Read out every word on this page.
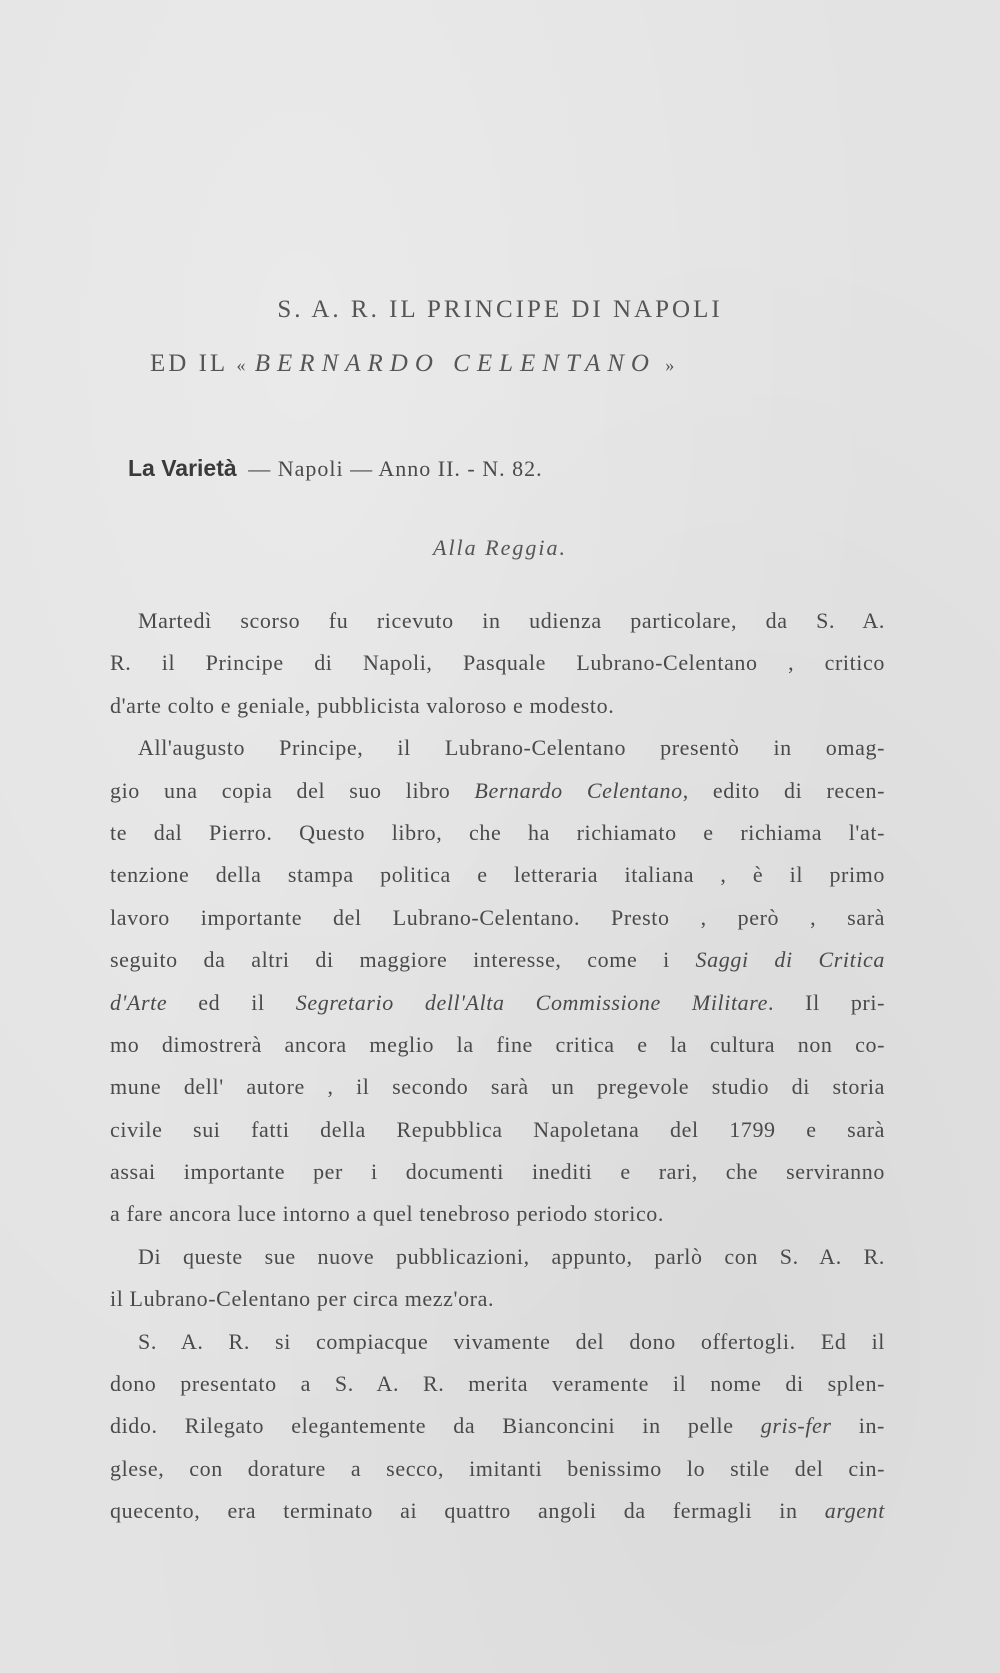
S. A. R. IL PRINCIPE DI NAPOLI
ED IL « BERNARDO CELENTANO »
La Varietà — Napoli — Anno II. - N. 82.
Alla Reggia.
Martedì scorso fu ricevuto in udienza particolare, da S. A.
R. il Principe di Napoli, Pasquale Lubrano-Celentano , critico
d'arte colto e geniale, pubblicista valoroso e modesto.
All'augusto Principe, il Lubrano-Celentano presentò in omag-
gio una copia del suo libro Bernardo Celentano, edito di recen-
te dal Pierro. Questo libro, che ha richiamato e richiama l'at-
tenzione della stampa politica e letteraria italiana , è il primo
lavoro importante del Lubrano-Celentano. Presto , però , sarà
seguito da altri di maggiore interesse, come i Saggi di Critica
d'Arte ed il Segretario dell'Alta Commissione Militare. Il pri-
mo dimostrerà ancora meglio la fine critica e la cultura non co-
mune dell' autore , il secondo sarà un pregevole studio di storia
civile sui fatti della Repubblica Napoletana del 1799 e sarà
assai importante per i documenti inediti e rari, che serviranno
a fare ancora luce intorno a quel tenebroso periodo storico.
Di queste sue nuove pubblicazioni, appunto, parlò con S. A. R.
il Lubrano-Celentano per circa mezz'ora.
S. A. R. si compiacque vivamente del dono offertogli. Ed il
dono presentato a S. A. R. merita veramente il nome di splen-
dido. Rilegato elegantemente da Bianconcini in pelle gris-fer in-
glese, con dorature a secco, imitanti benissimo lo stile del cin-
quecento, era terminato ai quattro angoli da fermagli in argent
